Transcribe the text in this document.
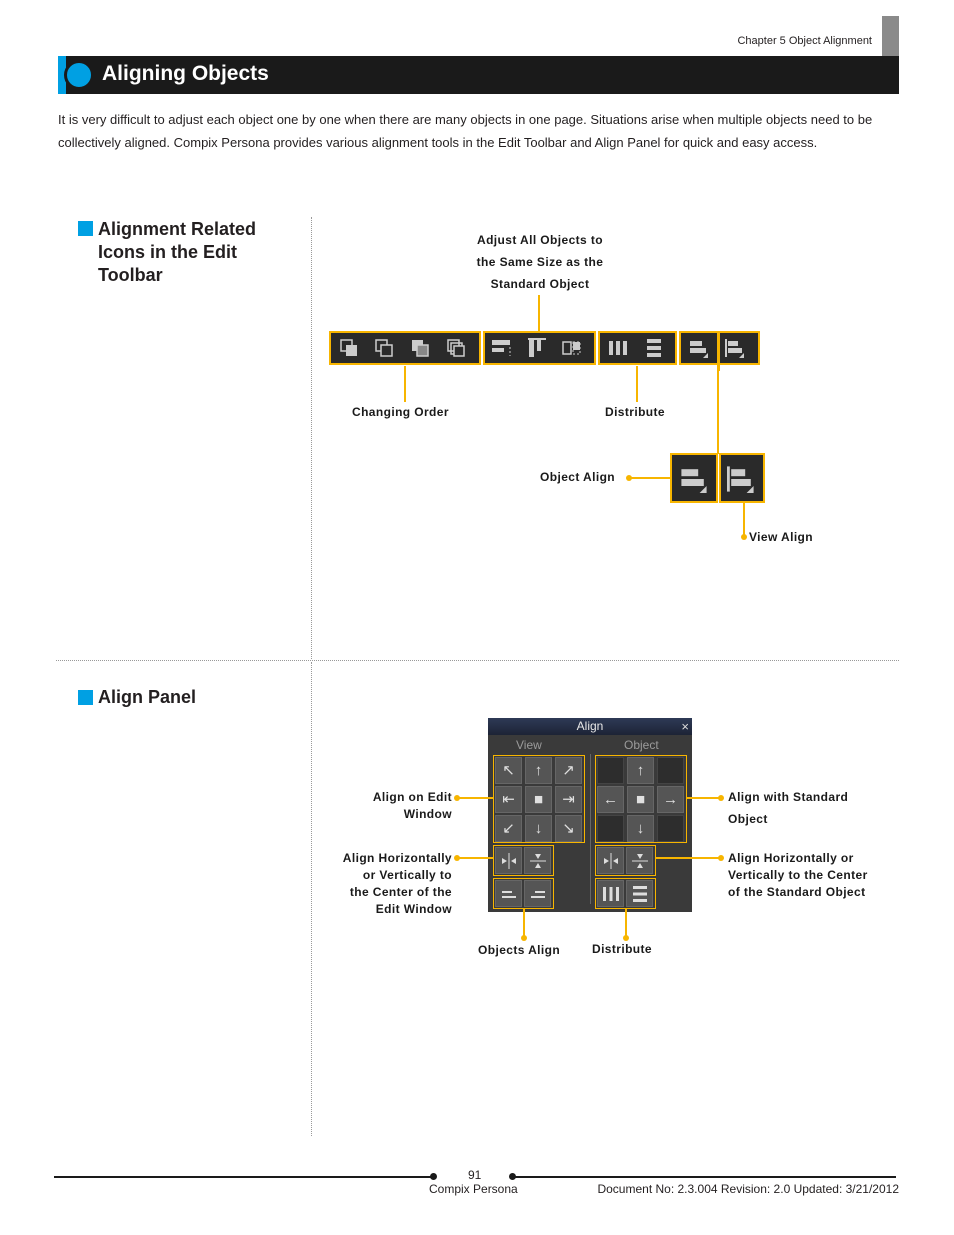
Chapter 5 Object Alignment
Aligning Objects
It is very difficult to adjust each object one by one when there are many objects in one page. Situations arise when multiple objects need to be collectively aligned. Compix Persona provides various alignment tools in the Edit Toolbar and Align Panel for quick and easy access.
Alignment Related
Icons in the Edit
Toolbar
Adjust All Objects to
the Same Size as the
Standard Object
Changing Order	Distribute
Object Align
View Align
Align Panel
Align	×
View	Object
↖	↑	↗
⇤	■	⇥
↙	↓	↘
↑
←	■	→
↓
Align on Edit
Window
Align Horizontally
or Vertically to
the Center of the
Edit Window
Align with Standard
Object
Align Horizontally or
Vertically to the Center
of the Standard Object
Objects Align	Distribute
91
Compix Persona	Document No: 2.3.004 Revision: 2.0 Updated: 3/21/2012
